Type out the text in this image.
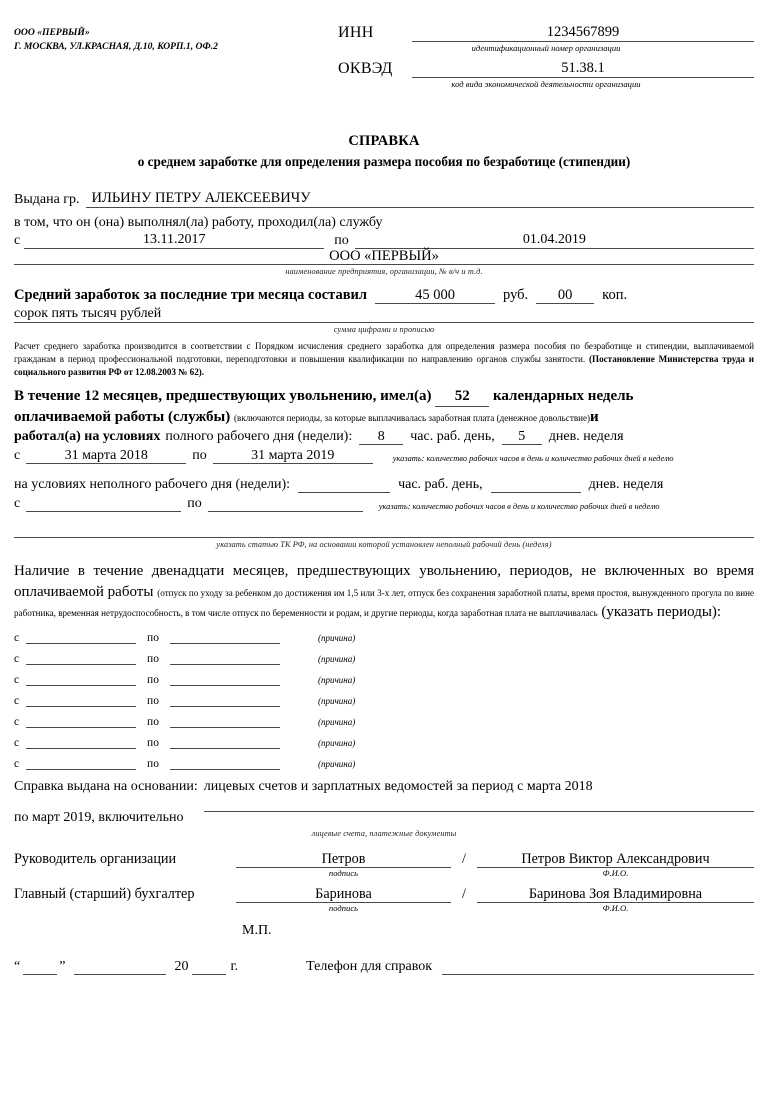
ООО «ПЕРВЫЙ»
Г. МОСКВА, УЛ.КРАСНАЯ, Д.10, КОРП.1, ОФ.2
ИНН	1234567899
идентификационный номер организации
ОКВЭД	51.38.1
код вида экономической деятельности организации
СПРАВКА
о среднем заработке для определения размера пособия по безработице (стипендии)
Выдана гр. ИЛЬИНУ ПЕТРУ АЛЕКСЕЕВИЧУ
в том, что он (она) выполнял(ла) работу, проходил(ла) службу
с	13.11.2017	по	01.04.2019
ООО «ПЕРВЫЙ»
наименование предприятия, организации, № в/ч и т.д.
Средний заработок за последние три месяца составил	45 000	руб.	00	коп.
сорок пять тысяч рублей
сумма цифрами и прописью
Расчет среднего заработка производится в соответствии с Порядком исчисления среднего заработка для определения размера пособия по безработице и стипендии, выплачиваемой гражданам в период профессиональной подготовки, переподготовки и повышения квалификации по направлению органов службы занятости. (Постановление Министерства труда и социального развития РФ от 12.08.2003 № 62).
В течение 12 месяцев, предшествующих увольнению, имел(а) 52 календарных недель
оплачиваемой работы (службы) (включаются периоды, за которые выплачивалась заработная плата (денежное довольствие)и
работал(а) на условиях полного рабочего дня (недели):	8	час. раб. день,	5	днев. неделя
с	31 марта 2018	по	31 марта 2019	указать: количество рабочих часов в день и количество рабочих дней в неделю
на условиях неполного рабочего дня (недели):	час. раб. день,	днев. неделя
с	по	указать: количество рабочих часов в день и количество рабочих дней в неделю
указать статью ТК РФ, на основании которой установлен неполный рабочий день (неделя)
Наличие в течение двенадцати месяцев, предшествующих увольнению, периодов, не включенных во время оплачиваемой работы (отпуск по уходу за ребенком до достижения им 1,5 или 3-х лет, отпуск без сохранения заработной платы, время простоя, вынужденного прогула по вине работника, временная нетрудоспособность, в том числе отпуск по беременности и родам, и другие периоды, когда заработная плата не выплачивалась (указать периоды):
с	по	(причина)
с	по	(причина)
с	по	(причина)
с	по	(причина)
с	по	(причина)
с	по	(причина)
с	по	(причина)
Справка выдана на основании: лицевых счетов и зарплатных ведомостей за период с марта 2018
по март 2019, включительно
лицевые счета, платежные документы
Руководитель организации	Петров	/	Петров Виктор Александрович
подпись	Ф.И.О.
Главный (старший) бухгалтер	Баринова	/	Баринова Зоя Владимировна
подпись	Ф.И.О.
М.П.
“	”	20	г.	Телефон для справок
